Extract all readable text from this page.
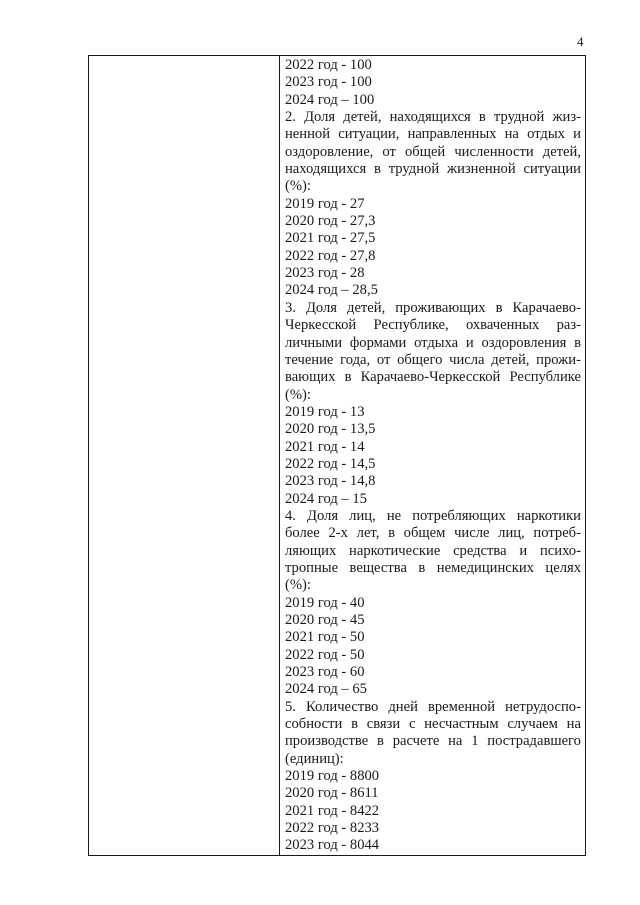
4
2022 год - 100
2023 год - 100
2024 год – 100
2. Доля детей, находящихся в трудной жиз-
ненной ситуации, направленных на отдых и
оздоровление, от общей численности детей,
находящихся в трудной жизненной ситуации
(%):
2019 год - 27
2020 год - 27,3
2021 год - 27,5
2022 год - 27,8
2023 год - 28
2024 год – 28,5
3. Доля детей, проживающих в Карачаево-
Черкесской Республике, охваченных раз-
личными формами отдыха и оздоровления в
течение года, от общего числа детей, прожи-
вающих в Карачаево-Черкесской Республике
(%):
2019 год - 13
2020 год - 13,5
2021 год - 14
2022 год - 14,5
2023 год - 14,8
2024 год – 15
4. Доля лиц, не потребляющих наркотики
более 2-х лет, в общем числе лиц, потреб-
ляющих наркотические средства и психо-
тропные вещества в немедицинских целях
(%):
2019 год - 40
2020 год - 45
2021 год - 50
2022 год - 50
2023 год - 60
2024 год – 65
5. Количество дней временной нетрудоспо-
собности в связи с несчастным случаем на
производстве в расчете на 1 пострадавшего
(единиц):
2019 год - 8800
2020 год - 8611
2021 год - 8422
2022 год - 8233
2023 год - 8044
